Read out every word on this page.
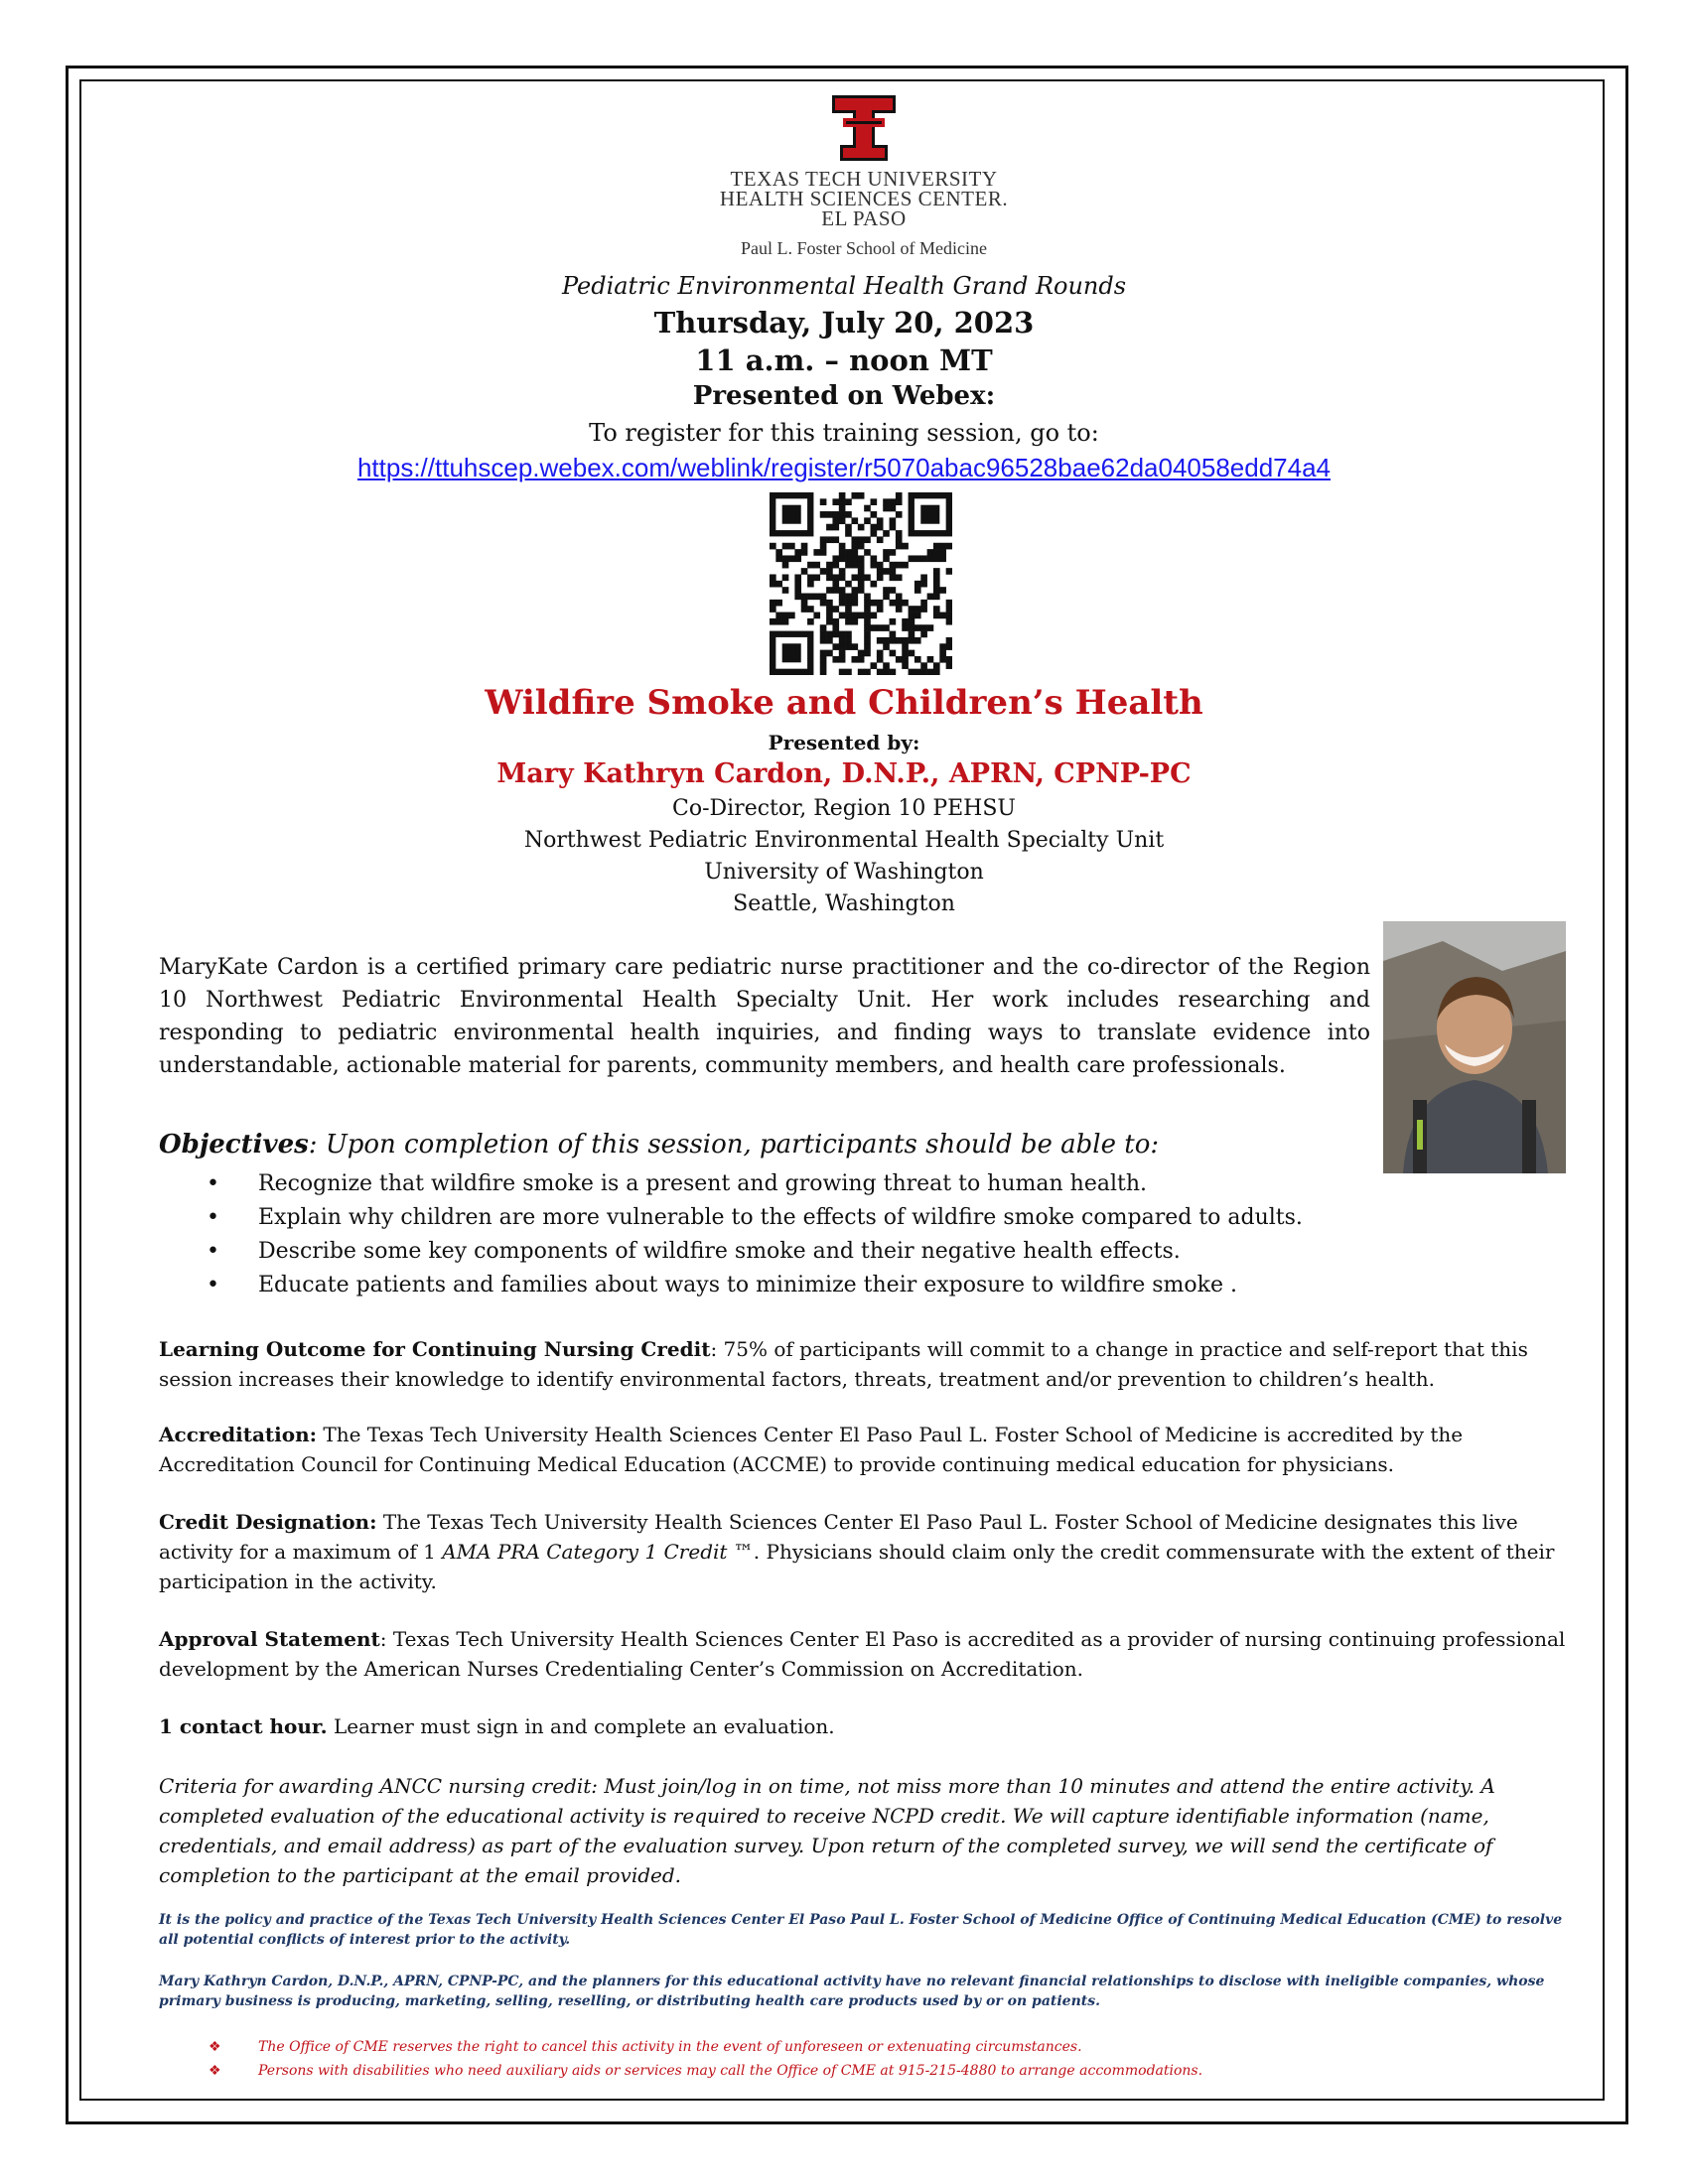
TEXAS TECH UNIVERSITY
HEALTH SCIENCES CENTER.
EL PASO
Paul L. Foster School of Medicine
Pediatric Environmental Health Grand Rounds
Thursday, July 20, 2023
11 a.m. – noon MT
Presented on Webex:
To register for this training session, go to:
https://ttuhscep.webex.com/weblink/register/r5070abac96528bae62da04058edd74a4
Wildfire Smoke and Children’s Health
Presented by:
Mary Kathryn Cardon, D.N.P., APRN, CPNP-PC
Co-Director, Region 10 PEHSU
Northwest Pediatric Environmental Health Specialty Unit
University of Washington
Seattle, Washington
MaryKate Cardon is a certified primary care pediatric nurse practitioner and the co-director of the Region 10 Northwest Pediatric Environmental Health Specialty Unit. Her work includes researching and responding to pediatric environmental health inquiries, and finding ways to translate evidence into understandable, actionable material for parents, community members, and health care professionals.
Objectives: Upon completion of this session, participants should be able to:
• Recognize that wildfire smoke is a present and growing threat to human health.
• Explain why children are more vulnerable to the effects of wildfire smoke compared to adults.
• Describe some key components of wildfire smoke and their negative health effects.
• Educate patients and families about ways to minimize their exposure to wildfire smoke .
Learning Outcome for Continuing Nursing Credit: 75% of participants will commit to a change in practice and self-report that this session increases their knowledge to identify environmental factors, threats, treatment and/or prevention to children’s health.
Accreditation: The Texas Tech University Health Sciences Center El Paso Paul L. Foster School of Medicine is accredited by the Accreditation Council for Continuing Medical Education (ACCME) to provide continuing medical education for physicians.
Credit Designation: The Texas Tech University Health Sciences Center El Paso Paul L. Foster School of Medicine designates this live activity for a maximum of 1 AMA PRA Category 1 Credit ™. Physicians should claim only the credit commensurate with the extent of their participation in the activity.
Approval Statement: Texas Tech University Health Sciences Center El Paso is accredited as a provider of nursing continuing professional development by the American Nurses Credentialing Center’s Commission on Accreditation.
1 contact hour. Learner must sign in and complete an evaluation.
Criteria for awarding ANCC nursing credit: Must join/log in on time, not miss more than 10 minutes and attend the entire activity. A completed evaluation of the educational activity is required to receive NCPD credit. We will capture identifiable information (name, credentials, and email address) as part of the evaluation survey. Upon return of the completed survey, we will send the certificate of completion to the participant at the email provided.
It is the policy and practice of the Texas Tech University Health Sciences Center El Paso Paul L. Foster School of Medicine Office of Continuing Medical Education (CME) to resolve all potential conflicts of interest prior to the activity.
Mary Kathryn Cardon, D.N.P., APRN, CPNP-PC, and the planners for this educational activity have no relevant financial relationships to disclose with ineligible companies, whose primary business is producing, marketing, selling, reselling, or distributing health care products used by or on patients.
❖	The Office of CME reserves the right to cancel this activity in the event of unforeseen or extenuating circumstances.
❖	Persons with disabilities who need auxiliary aids or services may call the Office of CME at 915-215-4880 to arrange accommodations.
